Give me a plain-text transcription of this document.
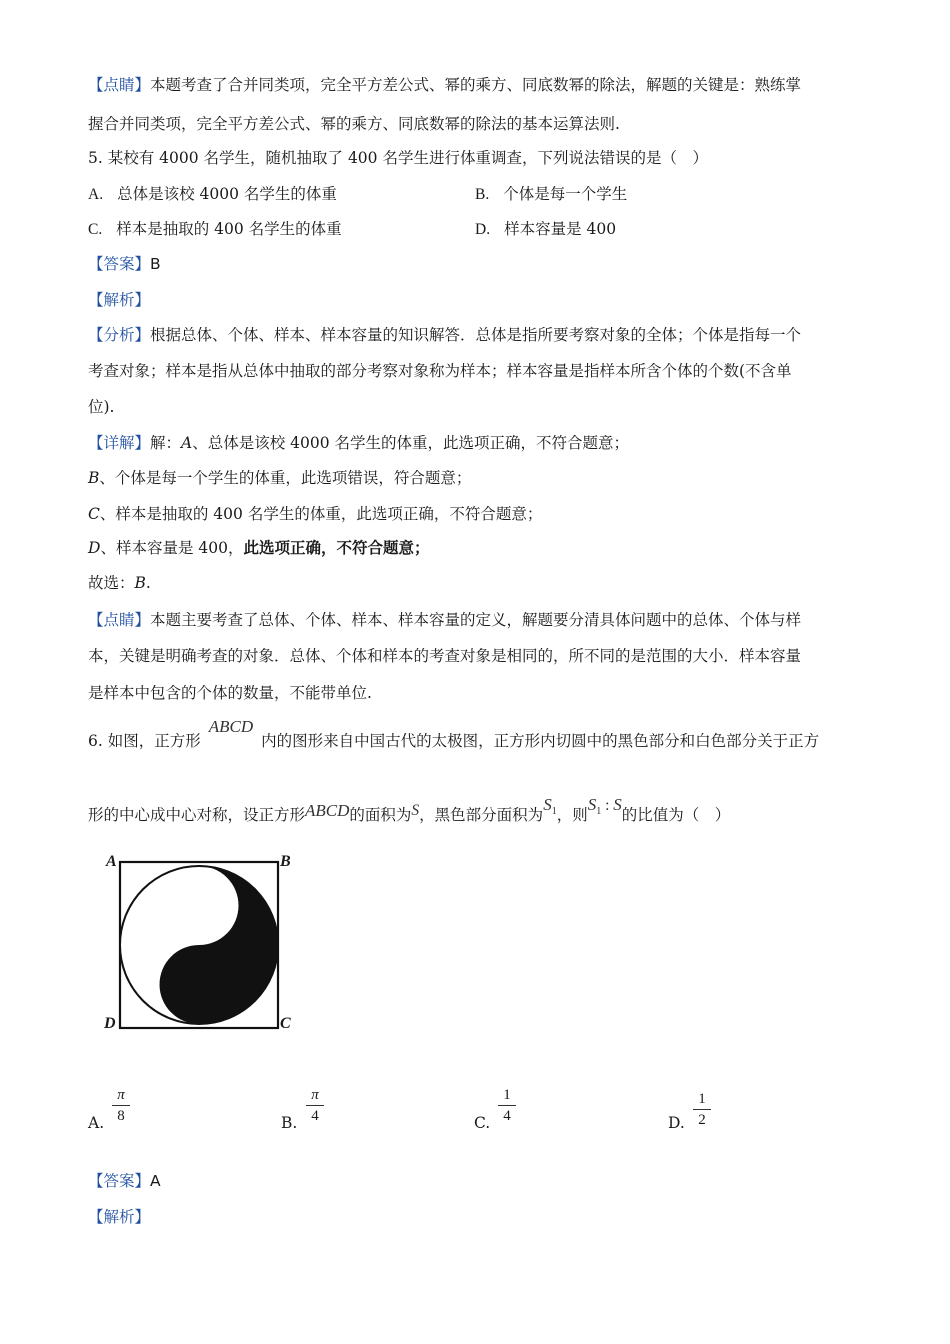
【点睛】本题考查了合并同类项，完全平方差公式、幂的乘方、同底数幂的除法，解题的关键是：熟练掌
握合并同类项，完全平方差公式、幂的乘方、同底数幂的除法的基本运算法则.
5. 某校有 4000 名学生，随机抽取了 400 名学生进行体重调查，下列说法错误的是（　）
A. 总体是该校 4000 名学生的体重	B. 个体是每一个学生
C. 样本是抽取的 400 名学生的体重	D. 样本容量是 400
【答案】B
【解析】
【分析】根据总体、个体、样本、样本容量的知识解答．总体是指所要考察对象的全体；个体是指每一个
考查对象；样本是指从总体中抽取的部分考察对象称为样本；样本容量是指样本所含个体的个数(不含单
位).
【详解】解：A、总体是该校 4000 名学生的体重，此选项正确，不符合题意；
B、个体是每一个学生的体重，此选项错误，符合题意；
C、样本是抽取的 400 名学生的体重，此选项正确，不符合题意；
D、样本容量是 400，此选项正确，不符合题意；
故选：B.
【点睛】本题主要考查了总体、个体、样本、样本容量的定义，解题要分清具体问题中的总体、个体与样
本，关键是明确考查的对象．总体、个体和样本的考查对象是相同的，所不同的是范围的大小．样本容量
是样本中包含的个体的数量，不能带单位.
6. 如图，正方形ABCD内的图形来自中国古代的太极图，正方形内切圆中的黑色部分和白色部分关于正方
形的中心成中心对称，设正方形ABCD的面积为S，黑色部分面积为$S^1$，则$S^1$ : S的比值为（　）
A	B
C
D
A.
π
8	B.
π
4	C.
1
4	D.
1
2
【答案】A
【解析】
